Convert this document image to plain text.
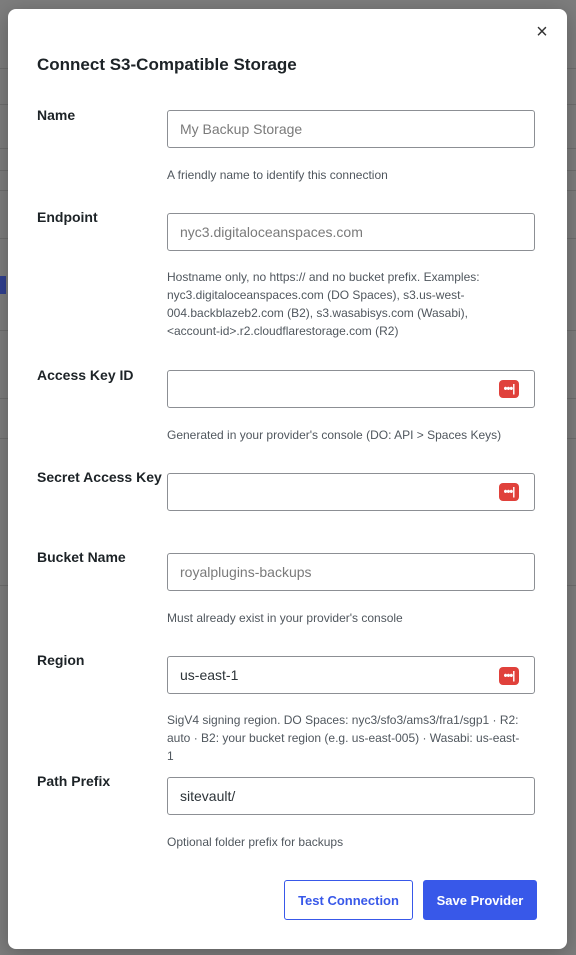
×
Connect S3-Compatible Storage
Name
My Backup Storage
A friendly name to identify this connection
Endpoint
nyc3.digitaloceanspaces.com
Hostname only, no https:// and no bucket prefix. Examples: nyc3.digitaloceanspaces.com (DO Spaces), s3.us-west-004.backblazeb2.com (B2), s3.wasabisys.com (Wasabi), <account-id>.r2.cloudflarestorage.com (R2)
Access Key ID
•••|
Generated in your provider's console (DO: API > Spaces Keys)
Secret Access Key
•••|
Bucket Name
royalplugins-backups
Must already exist in your provider's console
Region
us-east-1
•••|
SigV4 signing region. DO Spaces: nyc3/sfo3/ams3/fra1/sgp1 · R2: auto · B2: your bucket region (e.g. us-east-005) · Wasabi: us-east-1
Path Prefix
sitevault/
Optional folder prefix for backups
Test Connection	Save Provider
